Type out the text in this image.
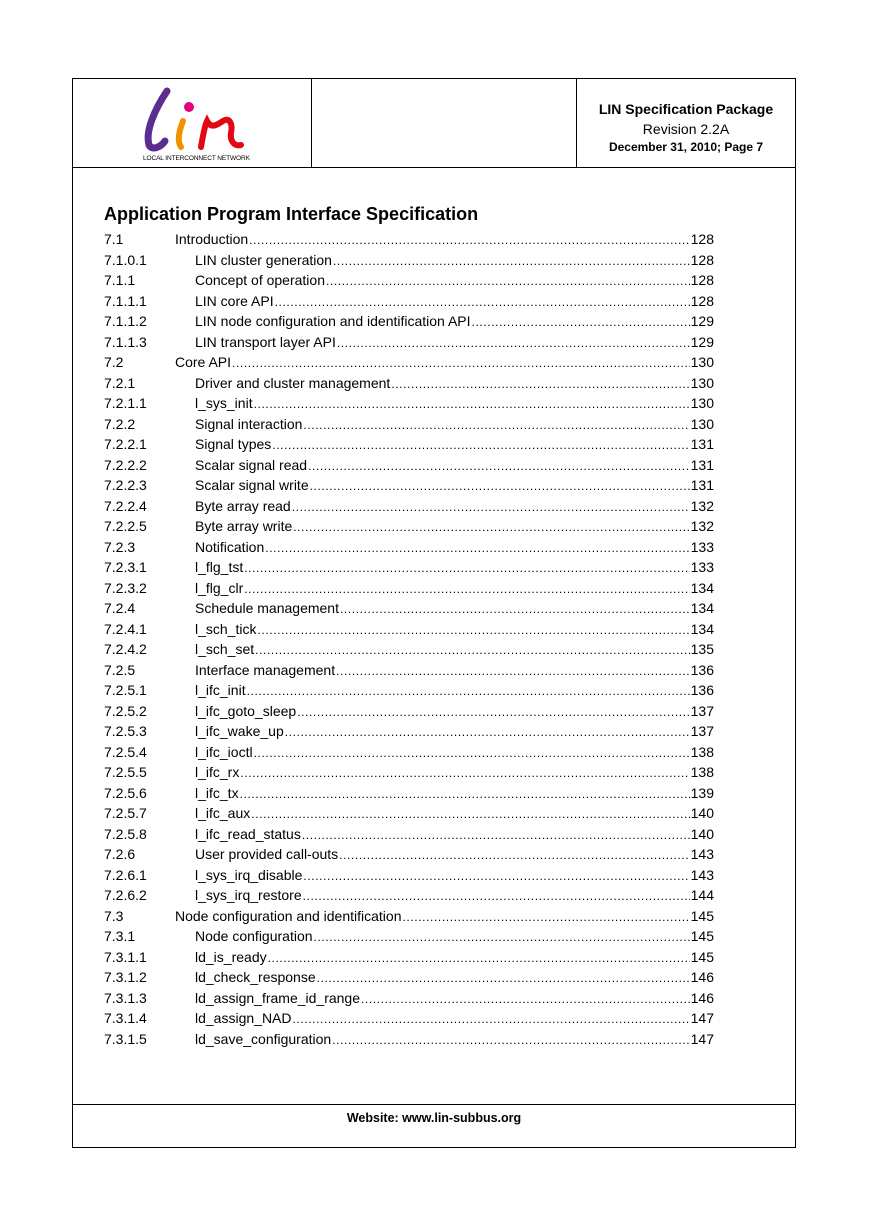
LOCAL INTERCONNECT NETWORK
LIN Specification Package
Revision 2.2A
December 31, 2010; Page 7
Application Program Interface Specification
7.1	Introduction .....	128
7.1.0.1	LIN cluster generation .....	128
7.1.1	Concept of operation .....	128
7.1.1.1	LIN core API .....	128
7.1.1.2	LIN node configuration and identification API .....	129
7.1.1.3	LIN transport layer API .....	129
7.2	Core API .....	130
7.2.1	Driver and cluster management .....	130
7.2.1.1	l_sys_init .....	130
7.2.2	Signal interaction .....	130
7.2.2.1	Signal types .....	131
7.2.2.2	Scalar signal read .....	131
7.2.2.3	Scalar signal write .....	131
7.2.2.4	Byte array read .....	132
7.2.2.5	Byte array write .....	132
7.2.3	Notification .....	133
7.2.3.1	l_flg_tst .....	133
7.2.3.2	l_flg_clr .....	134
7.2.4	Schedule management .....	134
7.2.4.1	l_sch_tick .....	134
7.2.4.2	l_sch_set .....	135
7.2.5	Interface management .....	136
7.2.5.1	l_ifc_init .....	136
7.2.5.2	l_ifc_goto_sleep .....	137
7.2.5.3	l_ifc_wake_up .....	137
7.2.5.4	l_ifc_ioctl .....	138
7.2.5.5	l_ifc_rx .....	138
7.2.5.6	l_ifc_tx .....	139
7.2.5.7	l_ifc_aux .....	140
7.2.5.8	l_ifc_read_status .....	140
7.2.6	User provided call-outs .....	143
7.2.6.1	l_sys_irq_disable .....	143
7.2.6.2	l_sys_irq_restore .....	144
7.3	Node configuration and identification .....	145
7.3.1	Node configuration .....	145
7.3.1.1	ld_is_ready .....	145
7.3.1.2	ld_check_response .....	146
7.3.1.3	ld_assign_frame_id_range .....	146
7.3.1.4	ld_assign_NAD .....	147
7.3.1.5	ld_save_configuration .....	147
Website: www.lin-subbus.org
